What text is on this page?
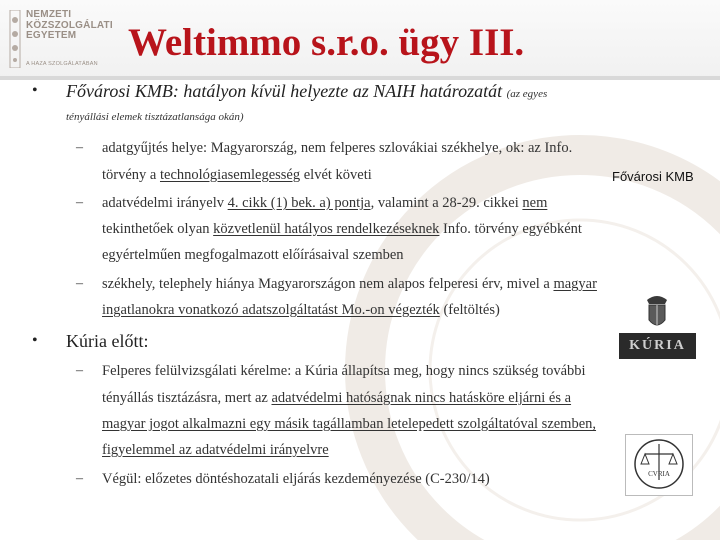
NEMZETI
KÖZSZOLGÁLATI
EGYETEM
A HAZA SZOLGÁLATÁBAN Weltimmo s.r.o. ügy III.
• Fővárosi KMB: hatályon kívül helyezte az NAIH határozatát (az egyes
tényállási elemek tisztázatlansága okán)
– adatgyűjtés helye: Magyarország, nem felperes szlovákiai székhelye, ok: az Info.
törvény a technológiasemlegesség elvét követi	Fővárosi KMB
– adatvédelmi irányelv 4. cikk (1) bek. a) pontja, valamint a 28-29. cikkei nem
tekinthetőek olyan közvetlenül hatályos rendelkezéseknek Info. törvény egyébként
egyértelműen megfogalmazott előírásaival szemben
– székhely, telephely hiánya Magyarországon nem alapos felperesi érv, mivel a magyar
ingatlanokra vonatkozó adatszolgáltatást Mo.-on végezték (feltöltés)
KÚRIA
• Kúria előtt:
– Felperes felülvizsgálati kérelme: a Kúria állapítsa meg, hogy nincs szükség további
tényállás tisztázásra, mert az adatvédelmi hatóságnak nincs hatásköre eljárni és a
magyar jogot alkalmazni egy másik tagállamban letelepedett szolgáltatóval szemben,
figyelemmel az adatvédelmi irányelvre
– Végül: előzetes döntéshozatali eljárás kezdeményezése (C-230/14)	CVRIA
